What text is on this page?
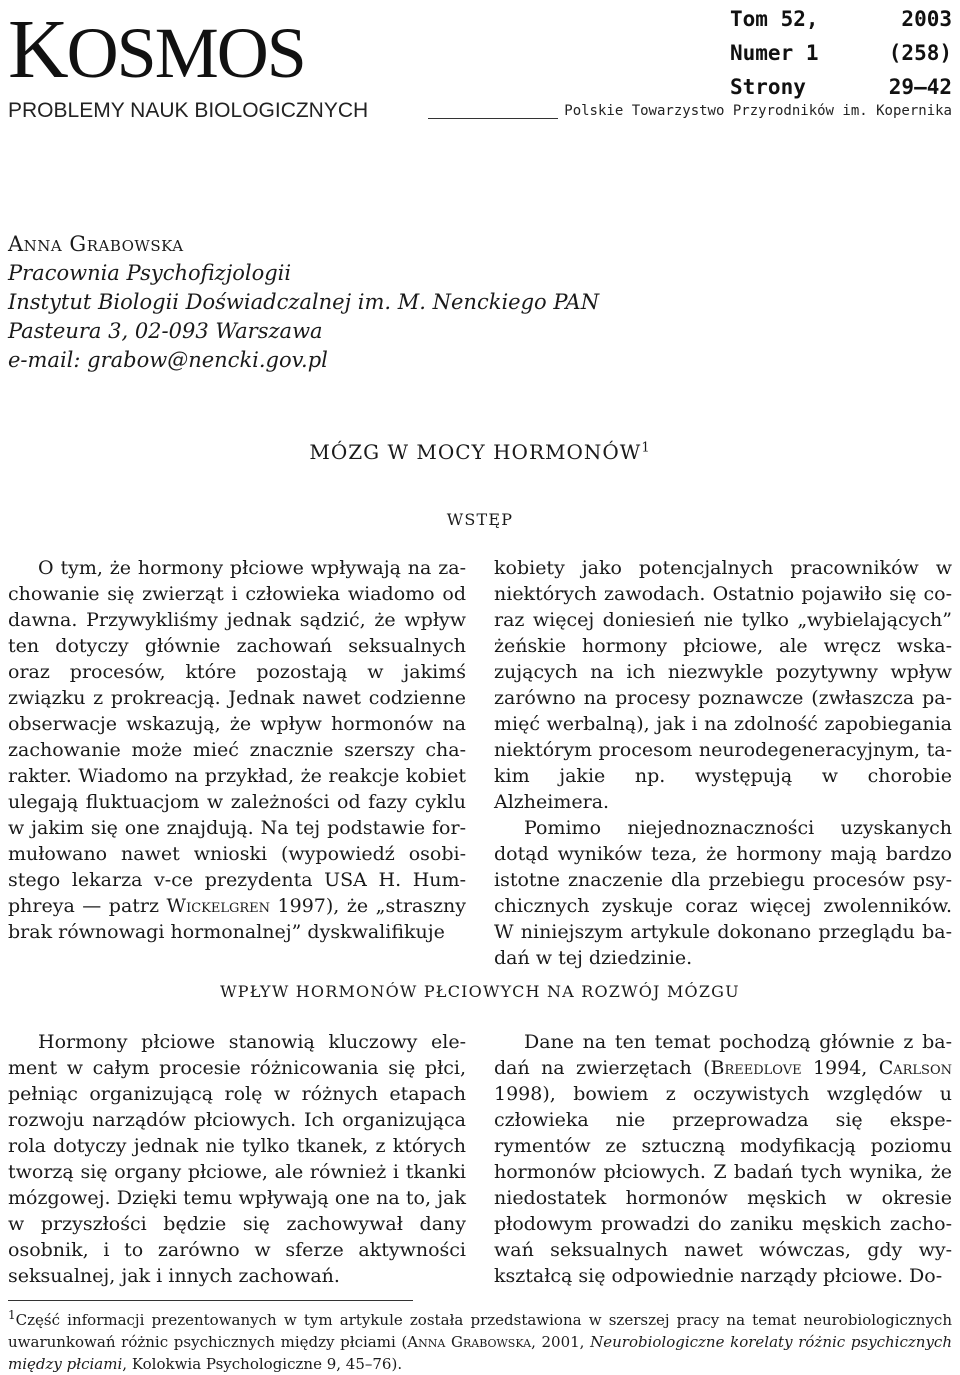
KOSMOS
PROBLEMY NAUK BIOLOGICZNYCH	Polskie Towarzystwo Przyrodników im. Kopernika
Tom 52,	2003
Numer 1	(258)
Strony	29–42
Anna Grabowska
Pracownia Psychofizjologii
Instytut Biologii Doświadczalnej im. M. Nenckiego PAN
Pasteura 3, 02-093 Warszawa
e-mail: grabow@nencki.gov.pl
MÓZG W MOCY HORMONÓW$^1$
WSTĘP

O tym, że hormony płciowe wpływają na zachowanie się zwierząt i człowieka wiadomo od dawna. Przywykliśmy jednak sądzić, że wpływ ten dotyczy głównie zachowań seksualnych oraz procesów, które pozostają w jakimś związku z prokreacją. Jednak nawet codzienne obserwacje wskazują, że wpływ hormonów na zachowanie może mieć znacznie szerszy charakter. Wiadomo na przykład, że reakcje kobiet ulegają fluktuacjom w zależności od fazy cyklu w jakim się one znajdują. Na tej podstawie formułowano nawet wnioski (wypowiedź osobistego lekarza v-ce prezydenta USA H. Humphreya — patrz Wickelgren 1997), że „straszny brak równowagi hormonalnej” dyskwalifikuje

kobiety jako potencjalnych pracowników w niektórych zawodach. Ostatnio pojawiło się coraz więcej doniesień nie tylko „wybielających” żeńskie hormony płciowe, ale wręcz wskazujących na ich niezwykle pozytywny wpływ zarówno na procesy poznawcze (zwłaszcza pamięć werbalną), jak i na zdolność zapobiegania niektórym procesom neurodegeneracyjnym, takim jakie np. występują w chorobie Alzheimera.

Pomimo niejednoznaczności uzyskanych dotąd wyników teza, że hormony mają bardzo istotne znaczenie dla przebiegu procesów psychicznych zyskuje coraz więcej zwolenników. W niniejszym artykule dokonano przeglądu badań w tej dziedzinie.

WPŁYW HORMONÓW PŁCIOWYCH NA ROZWÓJ MÓZGU

Hormony płciowe stanowią kluczowy element w całym procesie różnicowania się płci, pełniąc organizującą rolę w różnych etapach rozwoju narządów płciowych. Ich organizująca rola dotyczy jednak nie tylko tkanek, z których tworzą się organy płciowe, ale również i tkanki mózgowej. Dzięki temu wpływają one na to, jak w przyszłości będzie się zachowywał dany osobnik, i to zarówno w sferze aktywności seksualnej, jak i innych zachowań.

Dane na ten temat pochodzą głównie z badań na zwierzętach (Breedlove 1994, Carlson 1998), bowiem z oczywistych względów u człowieka nie przeprowadza się eksperymentów ze sztuczną modyfikacją poziomu hormonów płciowych. Z badań tych wynika, że niedostatek hormonów męskich w okresie płodowym prowadzi do zaniku męskich zachowań seksualnych nawet wówczas, gdy wykształcą się odpowiednie narządy płciowe. Do-

$^1$Część informacji prezentowanych w tym artykule została przedstawiona w szerszej pracy na temat neurobiologicznych uwarunkowań różnic psychicznych między płciami (Anna Grabowska, 2001, Neurobiologiczne korelaty różnic psychicznych między płciami, Kolokwia Psychologiczne 9, 45–76).
